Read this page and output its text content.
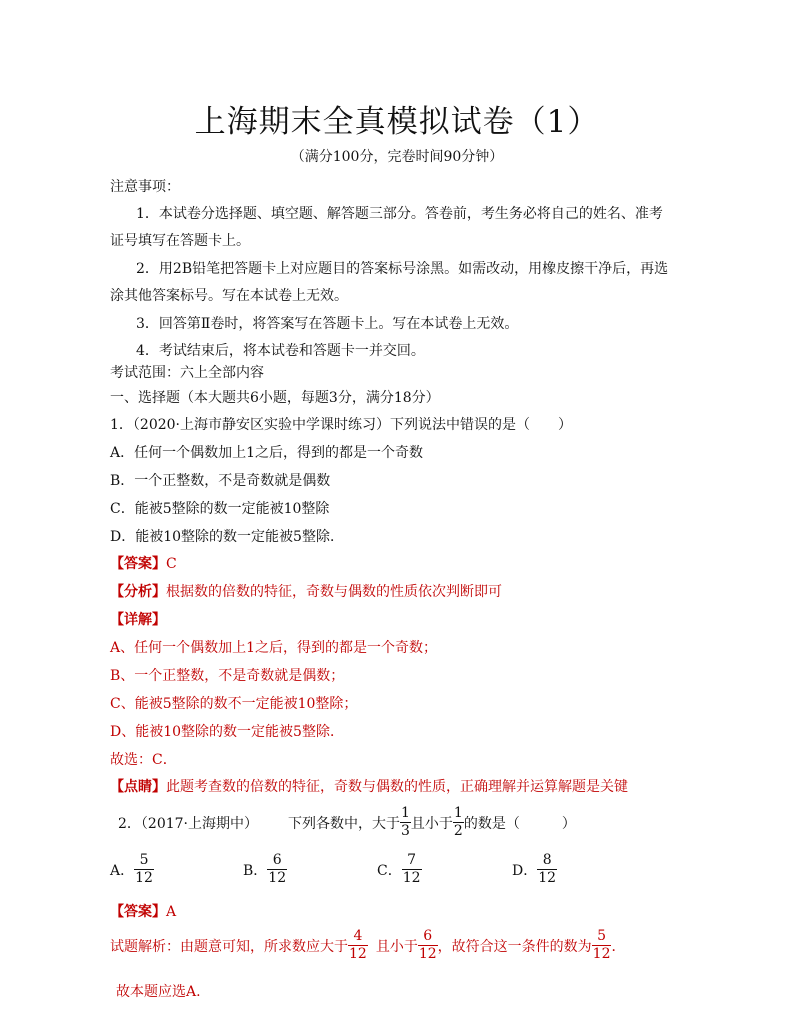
上海期末全真模拟试卷（1）
（满分100分，完卷时间90分钟）
注意事项：
1．本试卷分选择题、填空题、解答题三部分。答卷前，考生务必将自己的姓名、准考
证号填写在答题卡上。
2．用2B铅笔把答题卡上对应题目的答案标号涂黑。如需改动，用橡皮擦干净后，再选
涂其他答案标号。写在本试卷上无效。
3．回答第Ⅱ卷时，将答案写在答题卡上。写在本试卷上无效。
4．考试结束后，将本试卷和答题卡一并交回。
考试范围：六上全部内容
一、选择题（本大题共6小题，每题3分，满分18分）
1．（2020·上海市静安区实验中学课时练习）下列说法中错误的是（　　）
A．任何一个偶数加上1之后，得到的都是一个奇数
B．一个正整数，不是奇数就是偶数
C．能被5整除的数一定能被10整除
D．能被10整除的数一定能被5整除．
【答案】C
【分析】根据数的倍数的特征，奇数与偶数的性质依次判断即可
【详解】
A、任何一个偶数加上1之后，得到的都是一个奇数；
B、一个正整数，不是奇数就是偶数；
C、能被5整除的数不一定能被10整除；
D、能被10整除的数一定能被5整除．
故选：C．
【点睛】此题考查数的倍数的特征，奇数与偶数的性质，正确理解并运算解题是关键
2．（2017·上海期中） 下列各数中，大于 $\frac{1}{3}$ 且小于 $\frac{1}{2}$ 的数是（　　　）
A． $\frac{5}{12}$	B． $\frac{6}{12}$	C． $\frac{7}{12}$	D． $\frac{8}{12}$
【答案】A
试题解析：由题意可知，所求数应大于 $\frac{4}{12}$ 且小于 $\frac{6}{12}$ ，故符合这一条件的数为 $\frac{5}{12}$ ．
故本题应选A.
